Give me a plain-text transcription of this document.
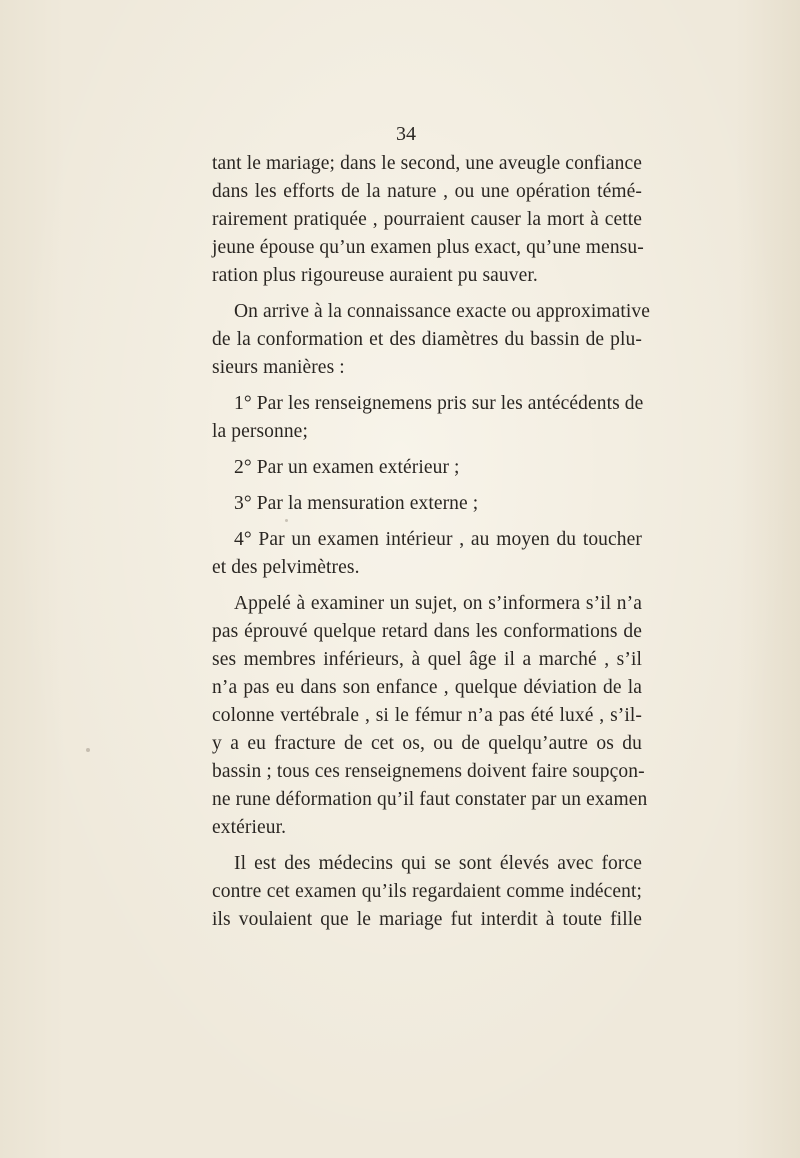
34
tant le mariage; dans le second, une aveugle confiance
dans les efforts de la nature , ou une opération témé-
rairement pratiquée , pourraient causer la mort à cette
jeune épouse qu’un examen plus exact, qu’une mensu-
ration plus rigoureuse auraient pu sauver.
On arrive à la connaissance exacte ou approximative
de la conformation et des diamètres du bassin de plu-
sieurs manières :
1° Par les renseignemens pris sur les antécédents de
la personne;
2° Par un examen extérieur ;
3° Par la mensuration externe ;
4° Par un examen intérieur , au moyen du toucher
et des pelvimètres.
Appelé à examiner un sujet, on s’informera s’il n’a
pas éprouvé quelque retard dans les conformations de
ses membres inférieurs, à quel âge il a marché , s’il
n’a pas eu dans son enfance , quelque déviation de la
colonne vertébrale , si le fémur n’a pas été luxé , s’il-
y a eu fracture de cet os, ou de quelqu’autre os du
bassin ; tous ces renseignemens doivent faire soupçon-
ne rune déformation qu’il faut constater par un examen
extérieur.
Il est des médecins qui se sont élevés avec force
contre cet examen qu’ils regardaient comme indécent;
ils voulaient que le mariage fut interdit à toute fille
